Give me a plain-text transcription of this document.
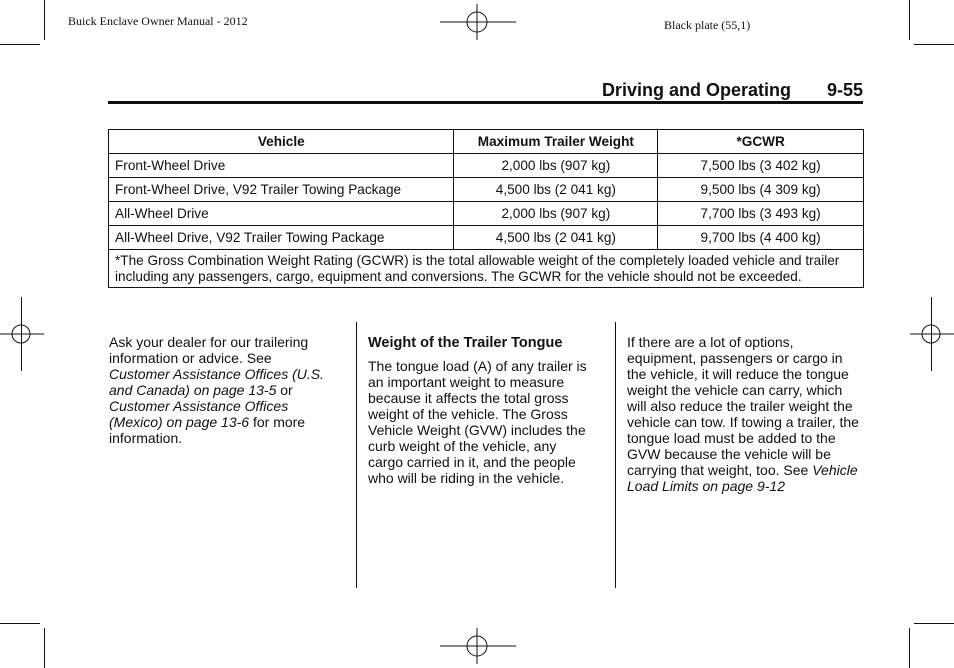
Buick Enclave Owner Manual - 2012	Black plate (55,1)
Driving and Operating 9-55
Vehicle	Maximum Trailer Weight	*GCWR
Front-Wheel Drive	2,000 lbs (907 kg)	7,500 lbs (3 402 kg)
Front-Wheel Drive, V92 Trailer Towing Package	4,500 lbs (2 041 kg)	9,500 lbs (4 309 kg)
All-Wheel Drive	2,000 lbs (907 kg)	7,700 lbs (3 493 kg)
All-Wheel Drive, V92 Trailer Towing Package	4,500 lbs (2 041 kg)	9,700 lbs (4 400 kg)
*The Gross Combination Weight Rating (GCWR) is the total allowable weight of the completely loaded vehicle and trailer including any passengers, cargo, equipment and conversions. The GCWR for the vehicle should not be exceeded.		

Ask your dealer for our trailering information or advice. See Customer Assistance Offices (U.S. and Canada) on page 13-5 or Customer Assistance Offices (Mexico) on page 13-6 for more information.

Weight of the Trailer Tongue

The tongue load (A) of any trailer is an important weight to measure because it affects the total gross weight of the vehicle. The Gross Vehicle Weight (GVW) includes the curb weight of the vehicle, any cargo carried in it, and the people who will be riding in the vehicle.

If there are a lot of options, equipment, passengers or cargo in the vehicle, it will reduce the tongue weight the vehicle can carry, which will also reduce the trailer weight the vehicle can tow. If towing a trailer, the tongue load must be added to the GVW because the vehicle will be carrying that weight, too. See Vehicle Load Limits on page 9-12
